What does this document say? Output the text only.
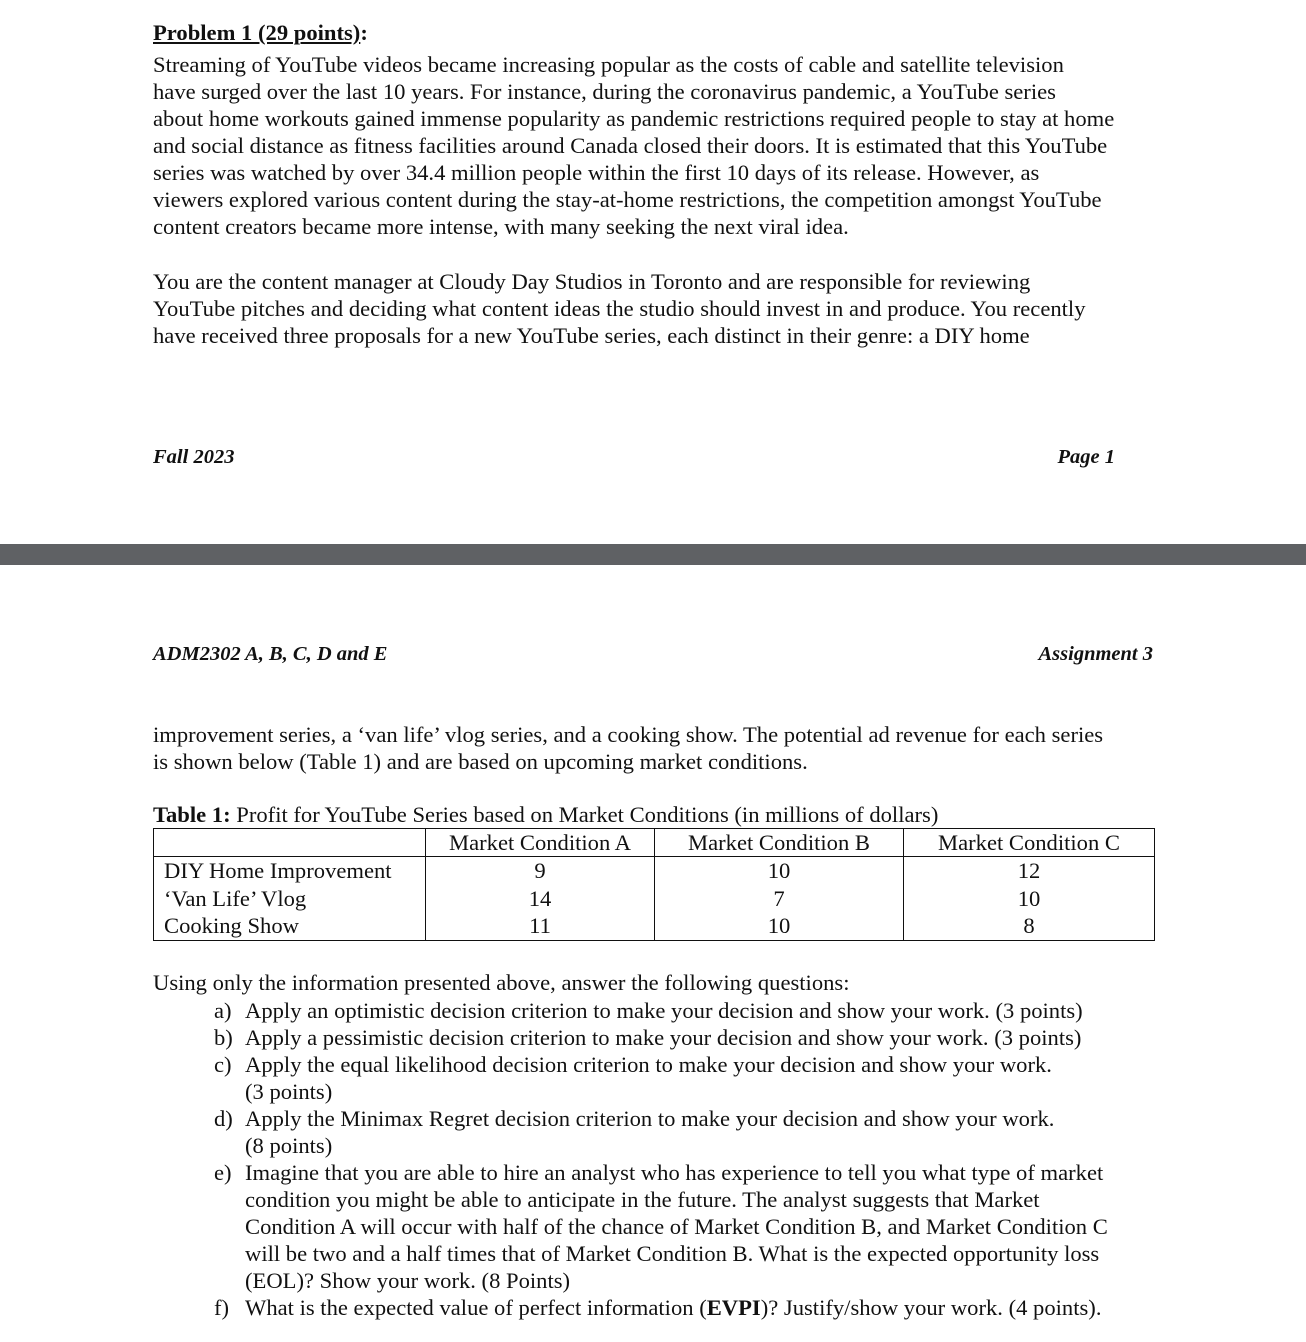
Problem 1 (29 points):
Streaming of YouTube videos became increasing popular as the costs of cable and satellite television
have surged over the last 10 years. For instance, during the coronavirus pandemic, a YouTube series
about home workouts gained immense popularity as pandemic restrictions required people to stay at home
and social distance as fitness facilities around Canada closed their doors. It is estimated that this YouTube
series was watched by over 34.4 million people within the first 10 days of its release. However, as
viewers explored various content during the stay-at-home restrictions, the competition amongst YouTube
content creators became more intense, with many seeking the next viral idea.
You are the content manager at Cloudy Day Studios in Toronto and are responsible for reviewing
YouTube pitches and deciding what content ideas the studio should invest in and produce. You recently
have received three proposals for a new YouTube series, each distinct in their genre: a DIY home
Fall 2023	Page 1
ADM2302 A, B, C, D and E	Assignment 3
improvement series, a ‘van life’ vlog series, and a cooking show. The potential ad revenue for each series
is shown below (Table 1) and are based on upcoming market conditions.
Table 1: Profit for YouTube Series based on Market Conditions (in millions of dollars)
	Market Condition A	Market Condition B	Market Condition C
DIY Home Improvement	9	10	12
‘Van Life’ Vlog	14	7	10
Cooking Show	11	10	8
Using only the information presented above, answer the following questions:
a) Apply an optimistic decision criterion to make your decision and show your work. (3 points)
b) Apply a pessimistic decision criterion to make your decision and show your work. (3 points)
c) Apply the equal likelihood decision criterion to make your decision and show your work.
(3 points)
d) Apply the Minimax Regret decision criterion to make your decision and show your work.
(8 points)
e) Imagine that you are able to hire an analyst who has experience to tell you what type of market
condition you might be able to anticipate in the future. The analyst suggests that Market
Condition A will occur with half of the chance of Market Condition B, and Market Condition C
will be two and a half times that of Market Condition B. What is the expected opportunity loss
(EOL)? Show your work. (8 Points)
f) What is the expected value of perfect information (EVPI)? Justify/show your work. (4 points).
